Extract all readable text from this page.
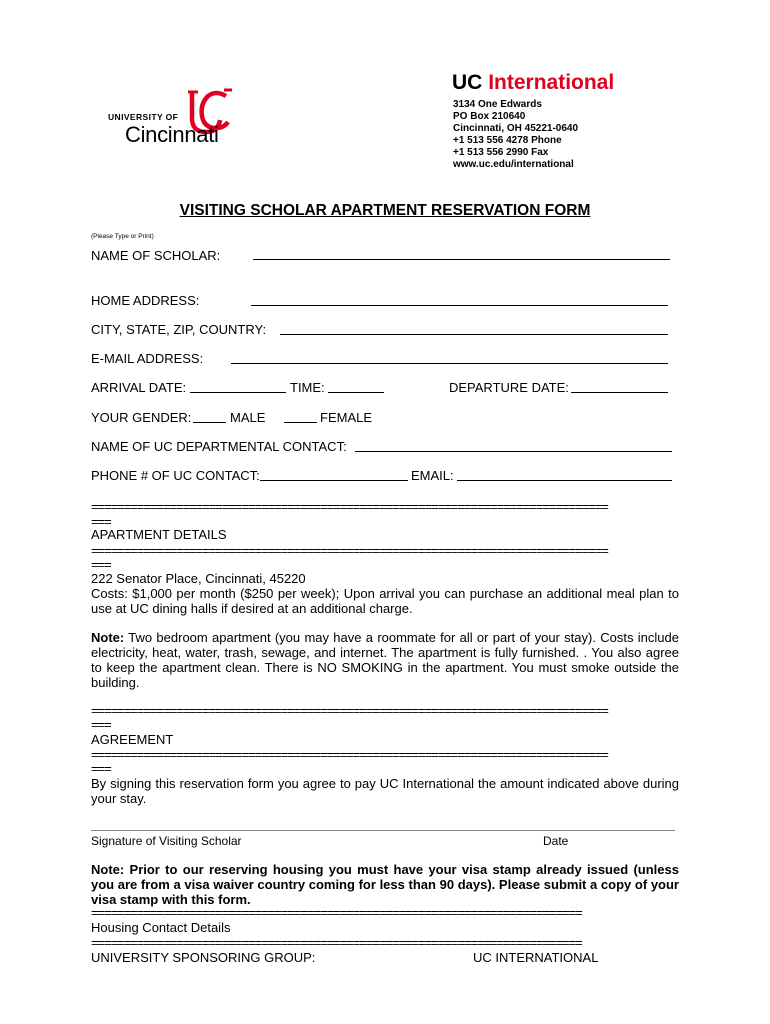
UNIVERSITY OF
Cincinnati
UC International
3134 One Edwards
PO Box 210640
Cincinnati, OH 45221-0640
+1 513 556 4278 Phone
+1 513 556 2990 Fax
www.uc.edu/international
VISITING SCHOLAR APARTMENT RESERVATION FORM
(Please Type or Print)
NAME OF SCHOLAR:
HOME ADDRESS:
CITY, STATE, ZIP, COUNTRY:
E-MAIL ADDRESS:
ARRIVAL DATE:	TIME:	DEPARTURE DATE:
YOUR GENDER:	MALE	FEMALE
NAME OF UC DEPARTMENTAL CONTACT:
PHONE # OF UC CONTACT:	EMAIL:
===============================================================================
===
APARTMENT DETAILS
===============================================================================
===
222 Senator Place, Cincinnati, 45220
Costs: $1,000 per month ($250 per week); Upon arrival you can purchase an additional meal plan to use at UC dining halls if desired at an additional charge.
Note: Two bedroom apartment (you may have a roommate for all or part of your stay). Costs include electricity, heat, water, trash, sewage, and internet. The apartment is fully furnished. . You also agree to keep the apartment clean. There is NO SMOKING in the apartment. You must smoke outside the building.
===============================================================================
===
AGREEMENT
===============================================================================
===
By signing this reservation form you agree to pay UC International the amount indicated above during your stay.
Signature of Visiting Scholar	Date
Note: Prior to our reserving housing you must have your visa stamp already issued (unless you are from a visa waiver country coming for less than 90 days). Please submit a copy of your visa stamp with this form.
===========================================================================
Housing Contact Details
===========================================================================
UNIVERSITY SPONSORING GROUP:	UC INTERNATIONAL
